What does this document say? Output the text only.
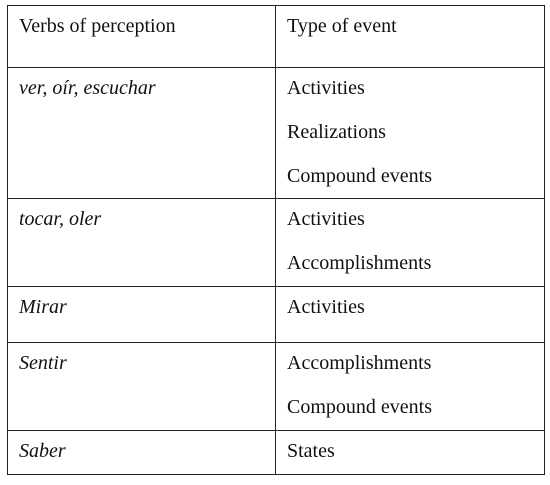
Verbs of perception	Type of event
ver, oír, escuchar	Activities
Realizations
Compound events

tocar, oler	Activities
Accomplishments

Mirar	Activities

Sentir	Accomplishments
Compound events

Saber	States
